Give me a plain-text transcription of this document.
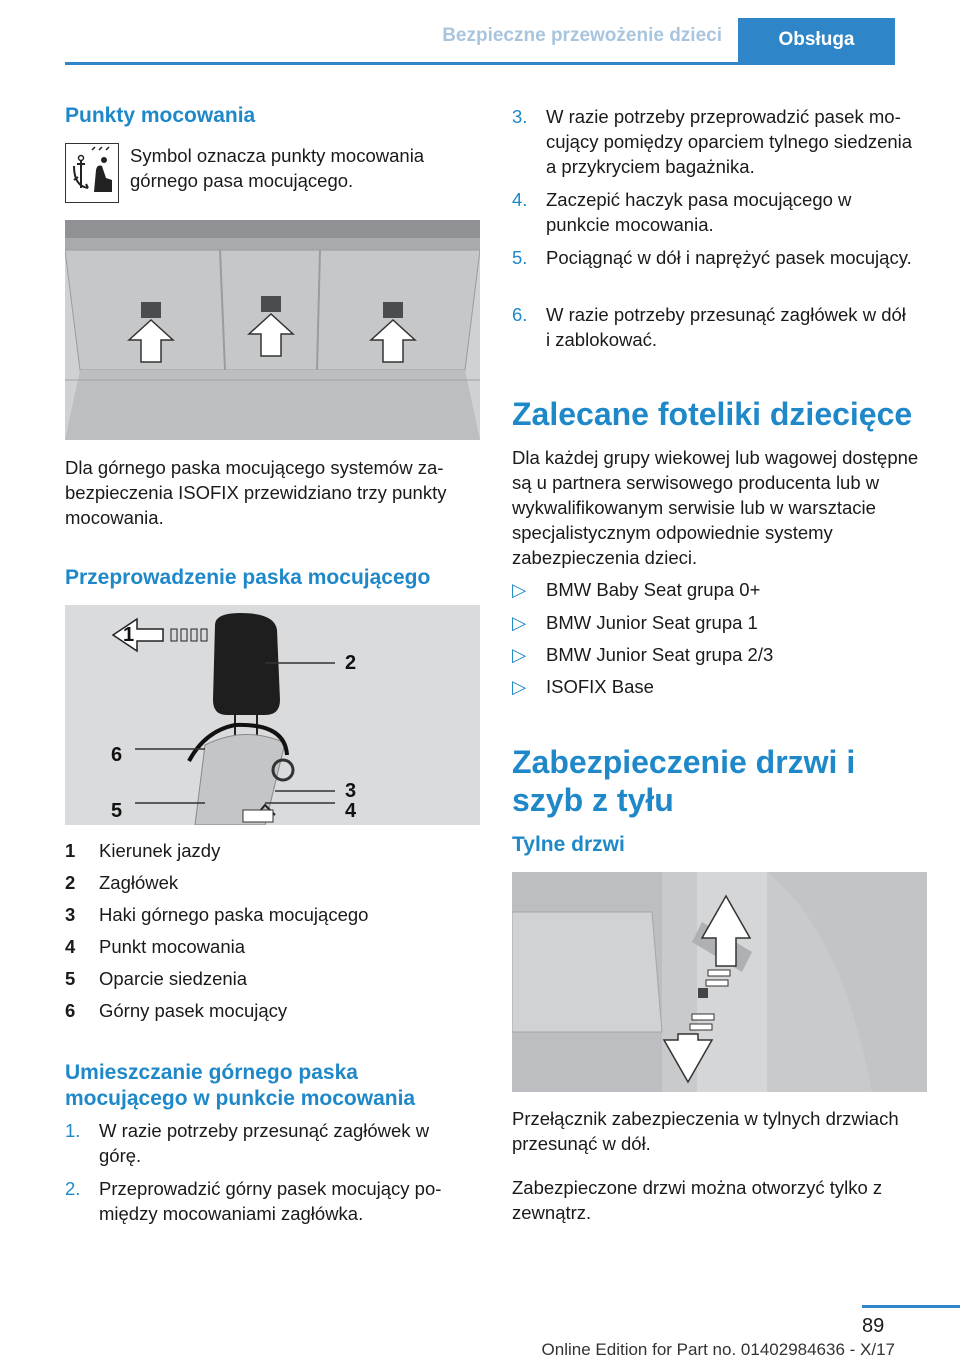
Bezpieczne przewożenie dzieci	Obsługa
Punkty mocowania
Symbol oznacza punkty mocowania górnego pasa mocującego.
Dla górnego paska mocującego systemów zabezpieczenia ISOFIX przewidziano trzy punkty mocowania.
Przeprowadzenie paska mocującego
1
2
3
4
5
6
1	Kierunek jazdy
2	Zagłówek
3	Haki górnego paska mocującego
4	Punkt mocowania
5	Oparcie siedzenia
6	Górny pasek mocujący
Umieszczanie górnego paska mocującego w punkcie mocowania
1.	W razie potrzeby przesunąć zagłówek w górę.
2.	Przeprowadzić górny pasek mocujący pomiędzy mocowaniami zagłówka.
3.	W razie potrzeby przeprowadzić pasek mocujący pomiędzy oparciem tylnego siedzenia a przykryciem bagażnika.
4.	Zaczepić haczyk pasa mocującego w punkcie mocowania.
5.	Pociągnąć w dół i naprężyć pasek mocujący.
6.	W razie potrzeby przesunąć zagłówek w dół i zablokować.
Zalecane foteliki dziecięce
Dla każdej grupy wiekowej lub wagowej dostępne są u partnera serwisowego producenta lub w wykwalifikowanym serwisie lub w warsztacie specjalistycznym odpowiednie systemy zabezpieczenia dzieci.
▷	BMW Baby Seat grupa 0+
▷	BMW Junior Seat grupa 1
▷	BMW Junior Seat grupa 2/3
▷	ISOFIX Base
Zabezpieczenie drzwi i szyb z tyłu
Tylne drzwi
Przełącznik zabezpieczenia w tylnych drzwiach przesunąć w dół.
Zabezpieczone drzwi można otworzyć tylko z zewnątrz.
89
Online Edition for Part no. 01402984636 - X/17
